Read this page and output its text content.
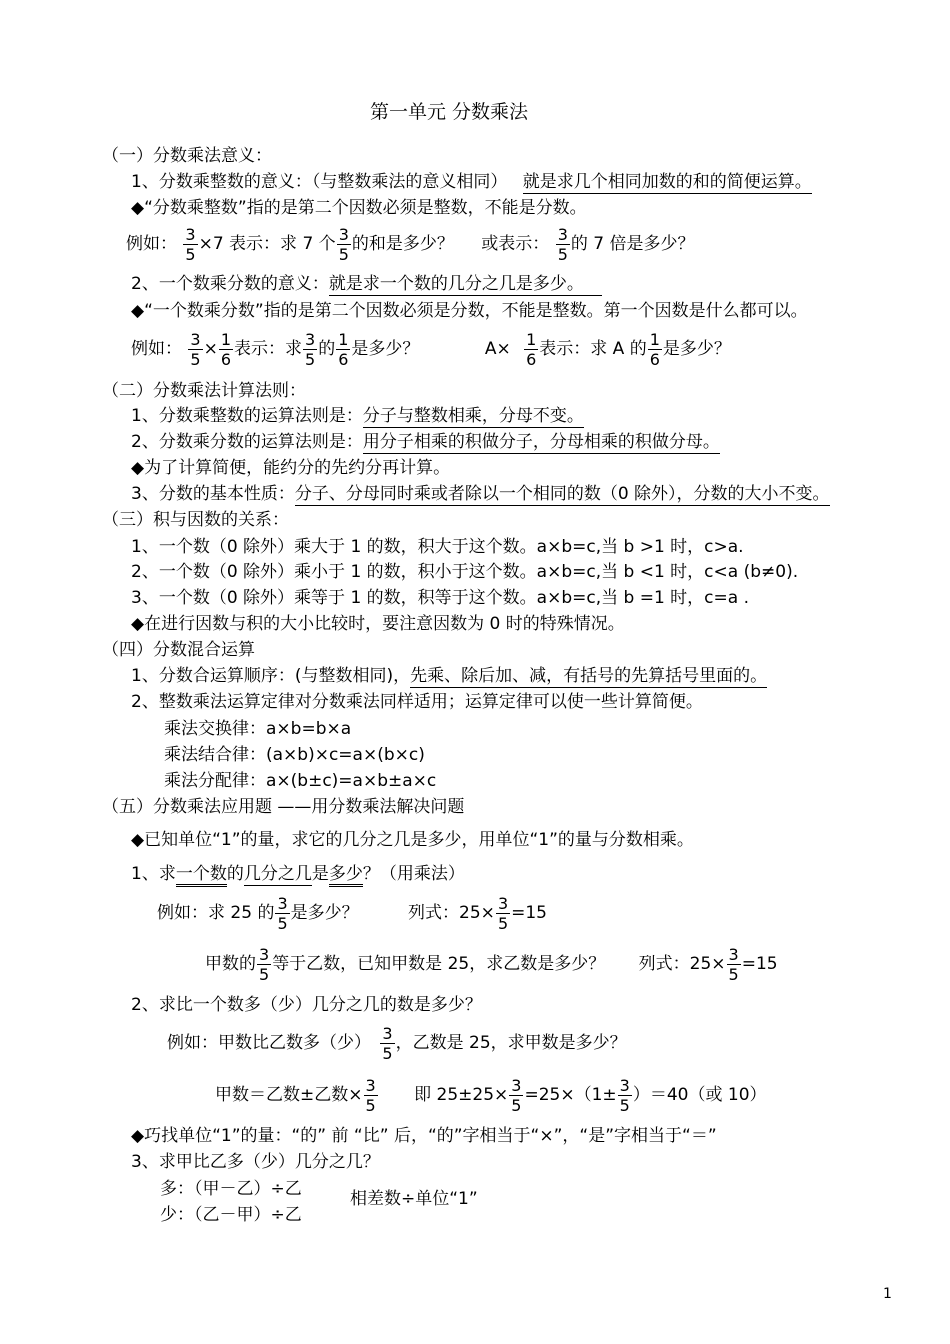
第一单元 分数乘法
（一）分数乘法意义：
1、分数乘整数的意义：（与整数乘法的意义相同） 就是求几个相同加数的和的简便运算。
◆“分数乘整数”指的是第二个因数必须是整数，不能是分数。
例如： $\frac{3}{5} \times 7$ 表示：求 7 个 $\frac{3}{5}$ 的和是多少？ 或表示： $\frac{3}{5}$ 的 7 倍是多少？
2、一个数乘分数的意义：就是求一个数的几分之几是多少。
◆“一个数乘分数”指的是第二个因数必须是分数，不能是整数。第一个因数是什么都可以。
例如： $\frac{3}{5} \times \frac{1}{6}$ 表示：求 $\frac{3}{5}$ 的 $\frac{1}{6}$ 是多少？	$A\times \frac{1}{6}$ 表示：求 A 的 $\frac{1}{6}$ 是多少？
（二）分数乘法计算法则：
1、分数乘整数的运算法则是：分子与整数相乘，分母不变。
2、分数乘分数的运算法则是：用分子相乘的积做分子，分母相乘的积做分母。
◆为了计算简便，能约分的先约分再计算。
3、分数的基本性质：分子、分母同时乘或者除以一个相同的数（0 除外），分数的大小不变。
（三）积与因数的关系：
1、一个数（0 除外）乘大于 1 的数，积大于这个数。a×b=c,当 b >1 时，c>a.
2、一个数（0 除外）乘小于 1 的数，积小于这个数。a×b=c,当 b <1 时，c<a (b≠0).
3、一个数（0 除外）乘等于 1 的数，积等于这个数。a×b=c,当 b =1 时，c=a .
◆在进行因数与积的大小比较时，要注意因数为 0 时的特殊情况。
（四）分数混合运算
1、分数合运算顺序：(与整数相同)，先乘、除后加、减，有括号的先算括号里面的。
2、整数乘法运算定律对分数乘法同样适用；运算定律可以使一些计算简便。
乘法交换律：a×b=b×a
乘法结合律：(a×b)×c=a×(b×c)
乘法分配律：a×(b±c)=a×b±a×c
（五）分数乘法应用题 ——用分数乘法解决问题
◆已知单位“1”的量，求它的几分之几是多少，用单位“1”的量与分数相乘。
1、求一个数的几分之几是多少？（用乘法）
例如：求 25 的 $\frac{3}{5}$ 是多少？	列式：$25\times \frac{3}{5} =15$
甲数的 $\frac{3}{5}$ 等于乙数，已知甲数是 25，求乙数是多少？ 列式：$25\times \frac{3}{5} =15$
2、求比一个数多（少）几分之几的数是多少？
例如：甲数比乙数多（少） $\frac{3}{5}$ ，乙数是 25，求甲数是多少？
甲数＝乙数±乙数× $\frac{3}{5}$ 即 $25\pm 25\times \frac{3}{5} =25\times(1\pm \frac{3}{5} )=40$（或 10）
◆巧找单位“1”的量：“的” 前 “比” 后，“的”字相当于“×”，“是”字相当于“＝”
3、求甲比乙多（少）几分之几？
多：（甲－乙）÷乙
少：（乙－甲）÷乙
相差数÷单位“1”
1
